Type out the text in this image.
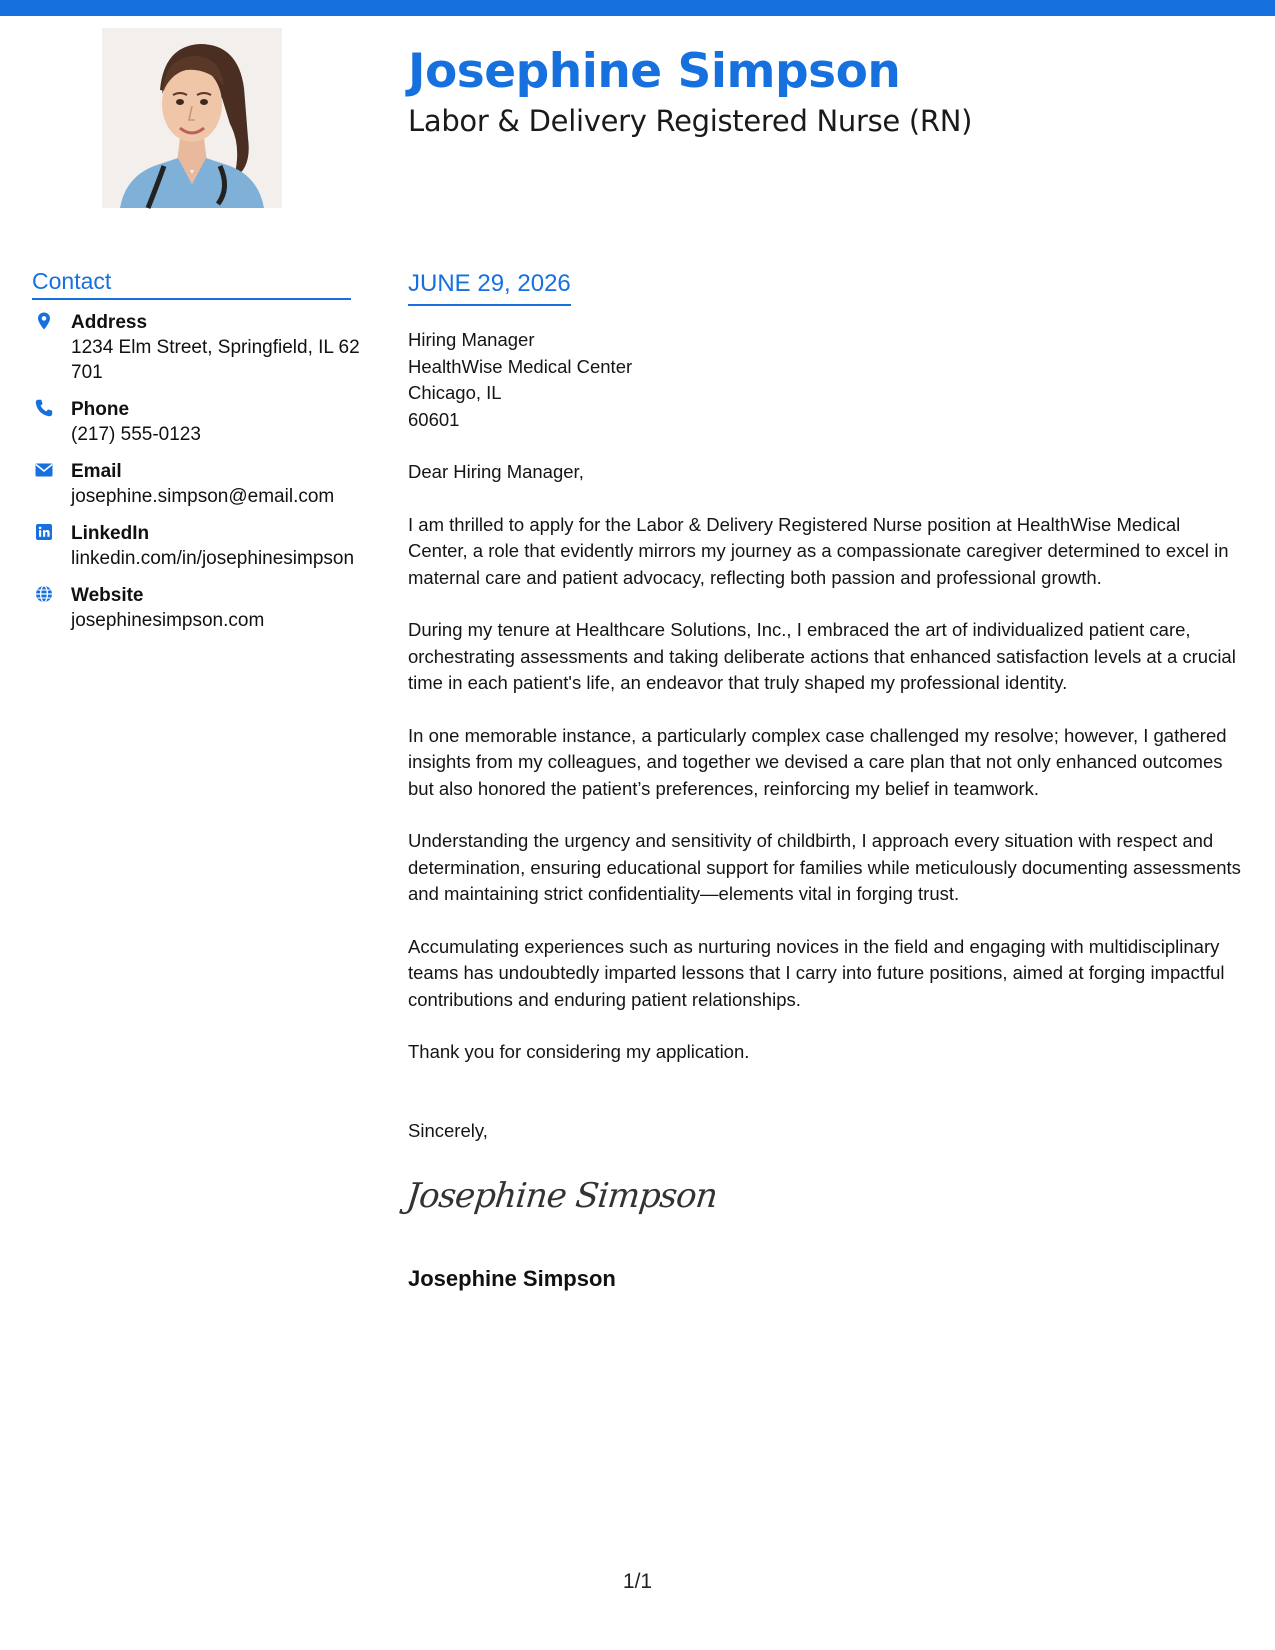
Josephine Simpson
Labor & Delivery Registered Nurse (RN)
Contact
Address
1234 Elm Street, Springfield, IL 62701
Phone
(217) 555-0123
Email
josephine.simpson@email.com
LinkedIn
linkedin.com/in/josephinesimpson
Website
josephinesimpson.com
JUNE 29, 2026
Hiring Manager
HealthWise Medical Center
Chicago, IL
60601
Dear Hiring Manager,

I am thrilled to apply for the Labor & Delivery Registered Nurse position at HealthWise Medical Center, a role that evidently mirrors my journey as a compassionate caregiver determined to excel in maternal care and patient advocacy, reflecting both passion and professional growth.

During my tenure at Healthcare Solutions, Inc., I embraced the art of individualized patient care, orchestrating assessments and taking deliberate actions that enhanced satisfaction levels at a crucial time in each patient's life, an endeavor that truly shaped my professional identity.

In one memorable instance, a particularly complex case challenged my resolve; however, I gathered insights from my colleagues, and together we devised a care plan that not only enhanced outcomes but also honored the patient’s preferences, reinforcing my belief in teamwork.

Understanding the urgency and sensitivity of childbirth, I approach every situation with respect and determination, ensuring educational support for families while meticulously documenting assessments and maintaining strict confidentiality—elements vital in forging trust.

Accumulating experiences such as nurturing novices in the field and engaging with multidisciplinary teams has undoubtedly imparted lessons that I carry into future positions, aimed at forging impactful contributions and enduring patient relationships.

Thank you for considering my application.
Sincerely,
Josephine Simpson
Josephine Simpson
1/1
